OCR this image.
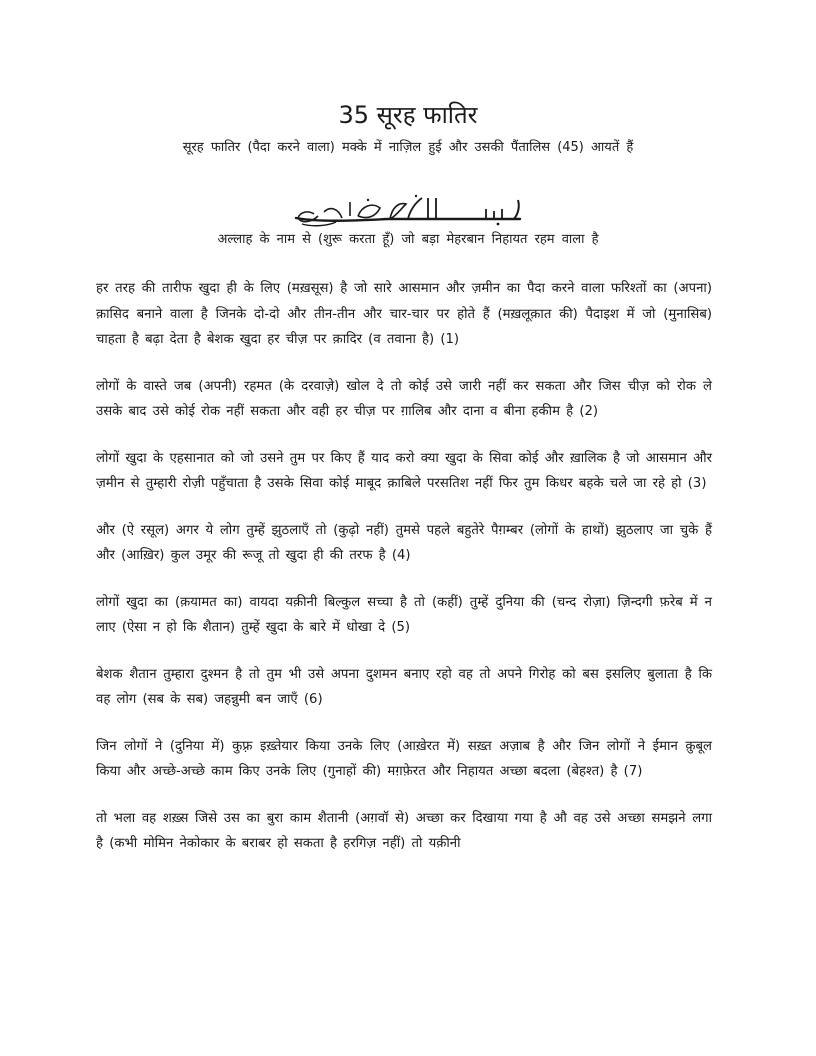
35 सूरह फातिर
सूरह फातिर (पैदा करने वाला) मक्के में नाज़िल हुई और उसकी पैंतालिस (45) आयतें हैं
अल्लाह के नाम से (शुरू करता हूँ) जो बड़ा मेहरबान निहायत रहम वाला है

हर तरह की तारीफ खुदा ही के लिए (मख़सूस) है जो सारे आसमान और ज़मीन का पैदा करने वाला फरिश्तों का (अपना) क़ासिद बनाने वाला है जिनके दो-दो और तीन-तीन और चार-चार पर होते हैं (मख़लूक़ात की) पैदाइश में जो (मुनासिब) चाहता है बढ़ा देता है बेशक खुदा हर चीज़ पर क़ादिर (व तवाना है) (1)

लोगों के वास्ते जब (अपनी) रहमत (के दरवाज़े) खोल दे तो कोई उसे जारी नहीं कर सकता और जिस चीज़ को रोक ले उसके बाद उसे कोई रोक नहीं सकता और वही हर चीज़ पर ग़ालिब और दाना व बीना हकीम है (2)

लोगों खुदा के एहसानात को जो उसने तुम पर किए हैं याद करो क्या खुदा के सिवा कोई और ख़ालिक है जो आसमान और ज़मीन से तुम्हारी रोज़ी पहुँचाता है उसके सिवा कोई माबूद क़ाबिले परसतिश नहीं फिर तुम किधर बहके चले जा रहे हो (3)

और (ऐ रसूल) अगर ये लोग तुम्हें झुठलाएँ तो (कुढ़ो नहीं) तुमसे पहले बहुतेरे पैग़म्बर (लोगों के हाथों) झुठलाए जा चुके हैं और (आख़िर) कुल उमूर की रूजू तो खुदा ही की तरफ है (4)

लोगों खुदा का (क़यामत का) वायदा यक़ीनी बिल्कुल सच्चा है तो (कहीं) तुम्हें दुनिया की (चन्द रोज़ा) ज़िन्दगी फ़रेब में न लाए (ऐसा न हो कि शैतान) तुम्हें खुदा के बारे में धोखा दे (5)

बेशक शैतान तुम्हारा दुश्मन है तो तुम भी उसे अपना दुशमन बनाए रहो वह तो अपने गिरोह को बस इसलिए बुलाता है कि वह लोग (सब के सब) जहन्नुमी बन जाएँ (6)

जिन लोगों ने (दुनिया में) कुफ़्र इख़्तेयार किया उनके लिए (आख़ेरत में) सख़्त अज़ाब है और जिन लोगों ने ईमान क़ुबूल किया और अच्छे-अच्छे काम किए उनके लिए (गुनाहों की) मग़फ़ेरत और निहायत अच्छा बदला (बेहश्त) है (7)

तो भला वह शख़्स जिसे उस का बुरा काम शैतानी (अग़वॉ से) अच्छा कर दिखाया गया है औ वह उसे अच्छा समझने लगा है (कभी मोमिन नेकोकार के बराबर हो सकता है हरगिज़ नहीं) तो यक़ीनी
